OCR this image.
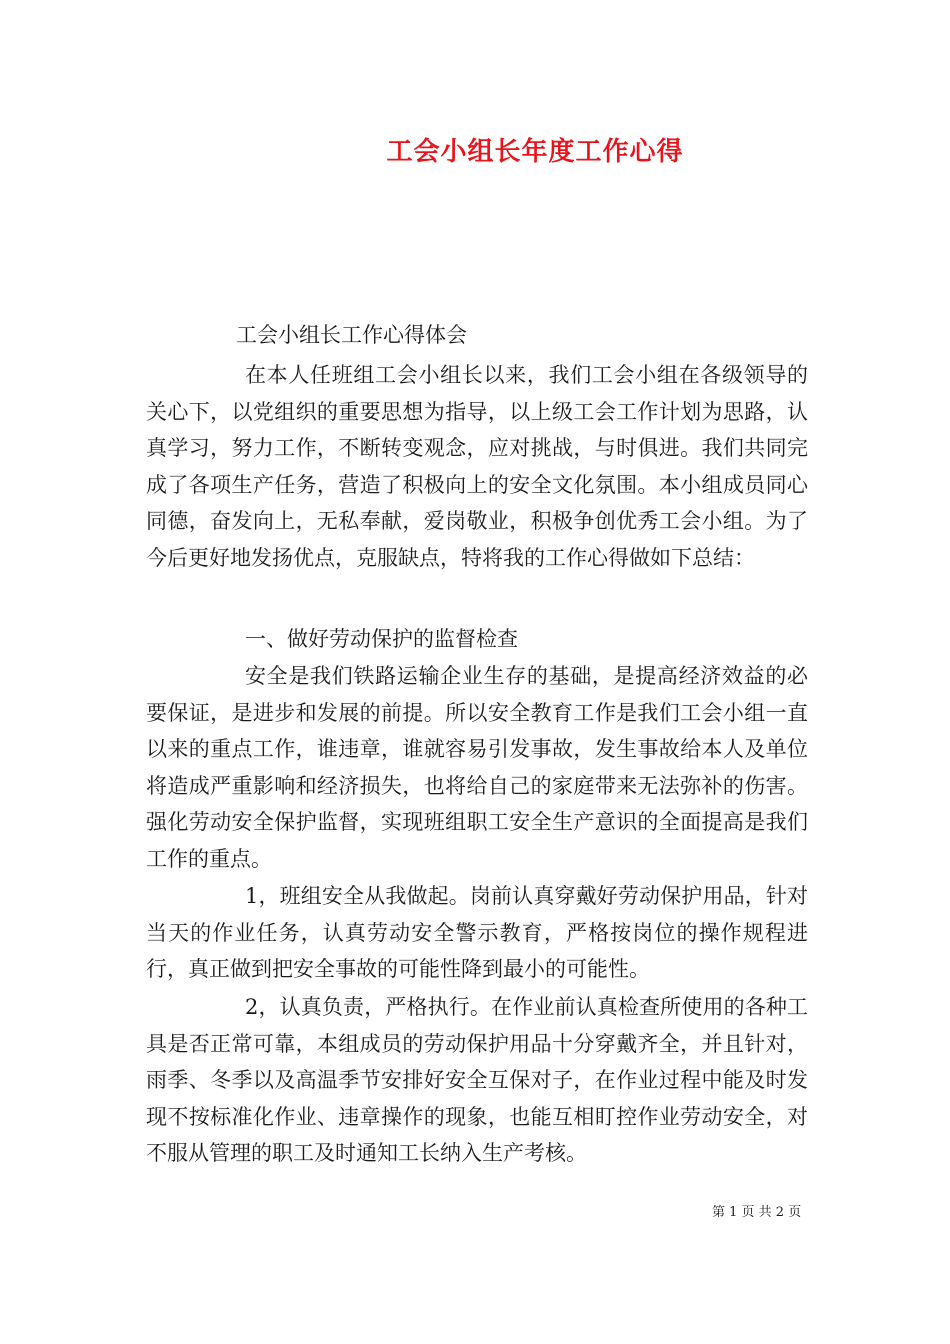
工会小组长年度工作心得
工会小组长工作心得体会

在本人任班组工会小组长以来，我们工会小组在各级领导的关心下，以党组织的重要思想为指导，以上级工会工作计划为思路，认真学习，努力工作，不断转变观念，应对挑战，与时俱进。我们共同完成了各项生产任务，营造了积极向上的安全文化氛围。本小组成员同心同德，奋发向上，无私奉献，爱岗敬业，积极争创优秀工会小组。为了今后更好地发扬优点，克服缺点，特将我的工作心得做如下总结：

一、做好劳动保护的监督检查

安全是我们铁路运输企业生存的基础，是提高经济效益的必要保证，是进步和发展的前提。所以安全教育工作是我们工会小组一直以来的重点工作，谁违章，谁就容易引发事故，发生事故给本人及单位将造成严重影响和经济损失，也将给自己的家庭带来无法弥补的伤害。强化劳动安全保护监督，实现班组职工安全生产意识的全面提高是我们工作的重点。

1，班组安全从我做起。岗前认真穿戴好劳动保护用品，针对当天的作业任务，认真劳动安全警示教育，严格按岗位的操作规程进行，真正做到把安全事故的可能性降到最小的可能性。

2，认真负责，严格执行。在作业前认真检查所使用的各种工具是否正常可靠，本组成员的劳动保护用品十分穿戴齐全，并且针对，雨季、冬季以及高温季节安排好安全互保对子，在作业过程中能及时发现不按标准化作业、违章操作的现象，也能互相盯控作业劳动安全，对不服从管理的职工及时通知工长纳入生产考核。

第 1 页 共 2 页
